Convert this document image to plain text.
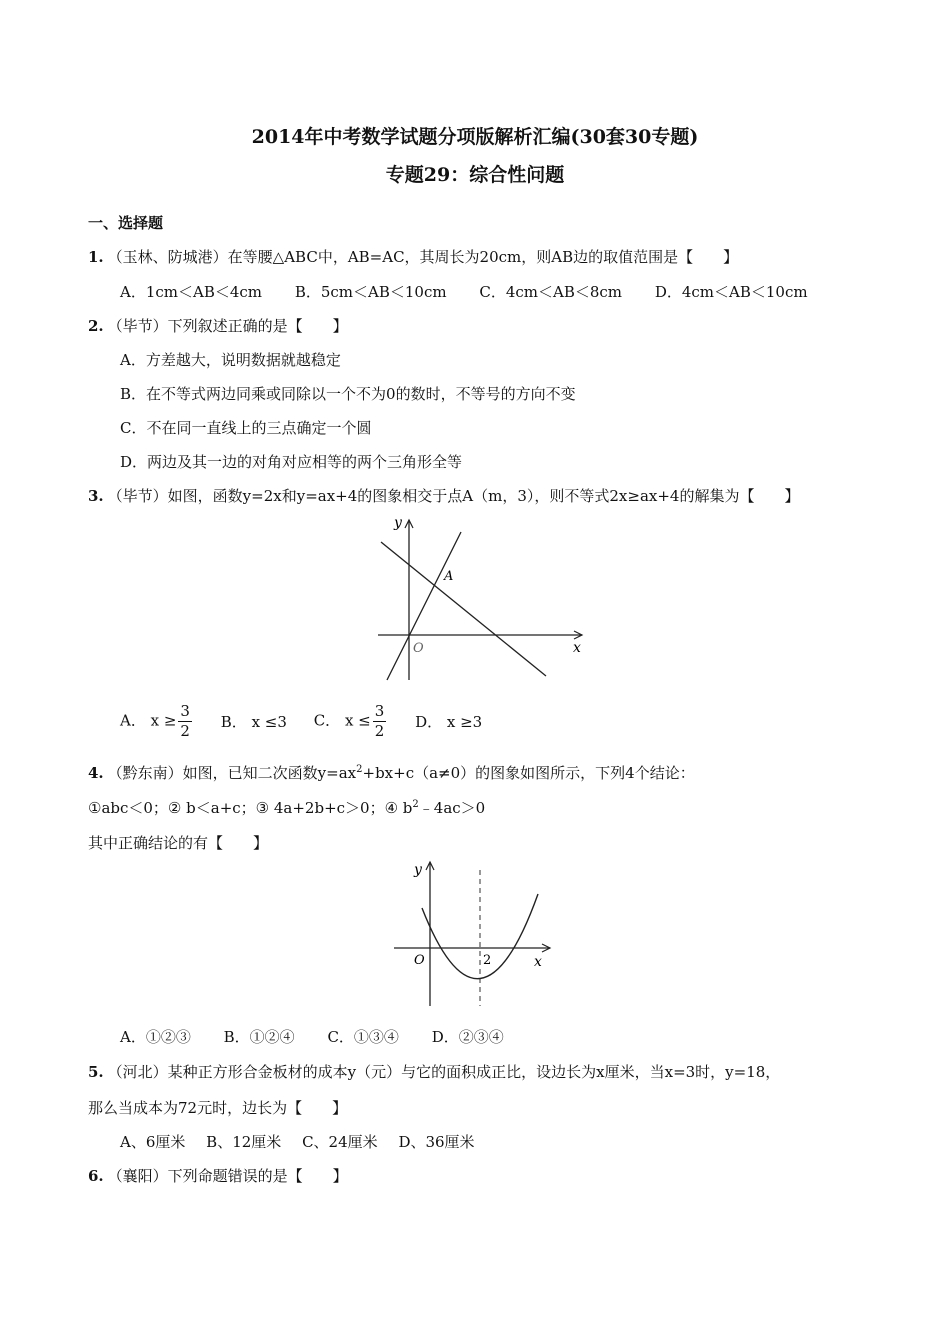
2014年中考数学试题分项版解析汇编(30套30专题)
专题29：综合性问题
一、选择题
1. （玉林、防城港）在等腰△ABC中，AB=AC，其周长为20cm，则AB边的取值范围是【　　】
A．1cm＜AB＜4cm B．5cm＜AB＜10cm C．4cm＜AB＜8cm D．4cm＜AB＜10cm
2. （毕节）下列叙述正确的是【　　】
A．方差越大，说明数据就越稳定
B．在不等式两边同乘或同除以一个不为0的数时，不等号的方向不变
C．不在同一直线上的三点确定一个圆
D．两边及其一边的对角对应相等的两个三角形全等
3. （毕节）如图，函数y=2x和y=ax+4的图象相交于点A（m，3），则不等式2x≥ax+4的解集为【　　】
y
x
O
A
A． $x \ge \frac{3}{2}$ B． x ≤3 C． $x \le \frac{3}{2}$ D． x ≥3
4. （黔东南）如图，已知二次函数$y=ax^2+bx+c(a\ne 0)$的图象如图所示，下列4个结论：
①abc＜0；② b＜a+c；③ 4a+2b+c＞0；④ $b^2﹣4ac>0$
其中正确结论的有【　　】
y
x
O	2
A．①②③ B．①②④ C．①③④ D．②③④
5. （河北）某种正方形合金板材的成本y（元）与它的面积成正比，设边长为x厘米，当x=3时，y=18，
那么当成本为72元时，边长为【　　】
A、6厘米 B、12厘米 C、24厘米 D、36厘米
6. （襄阳）下列命题错误的是【　　】
